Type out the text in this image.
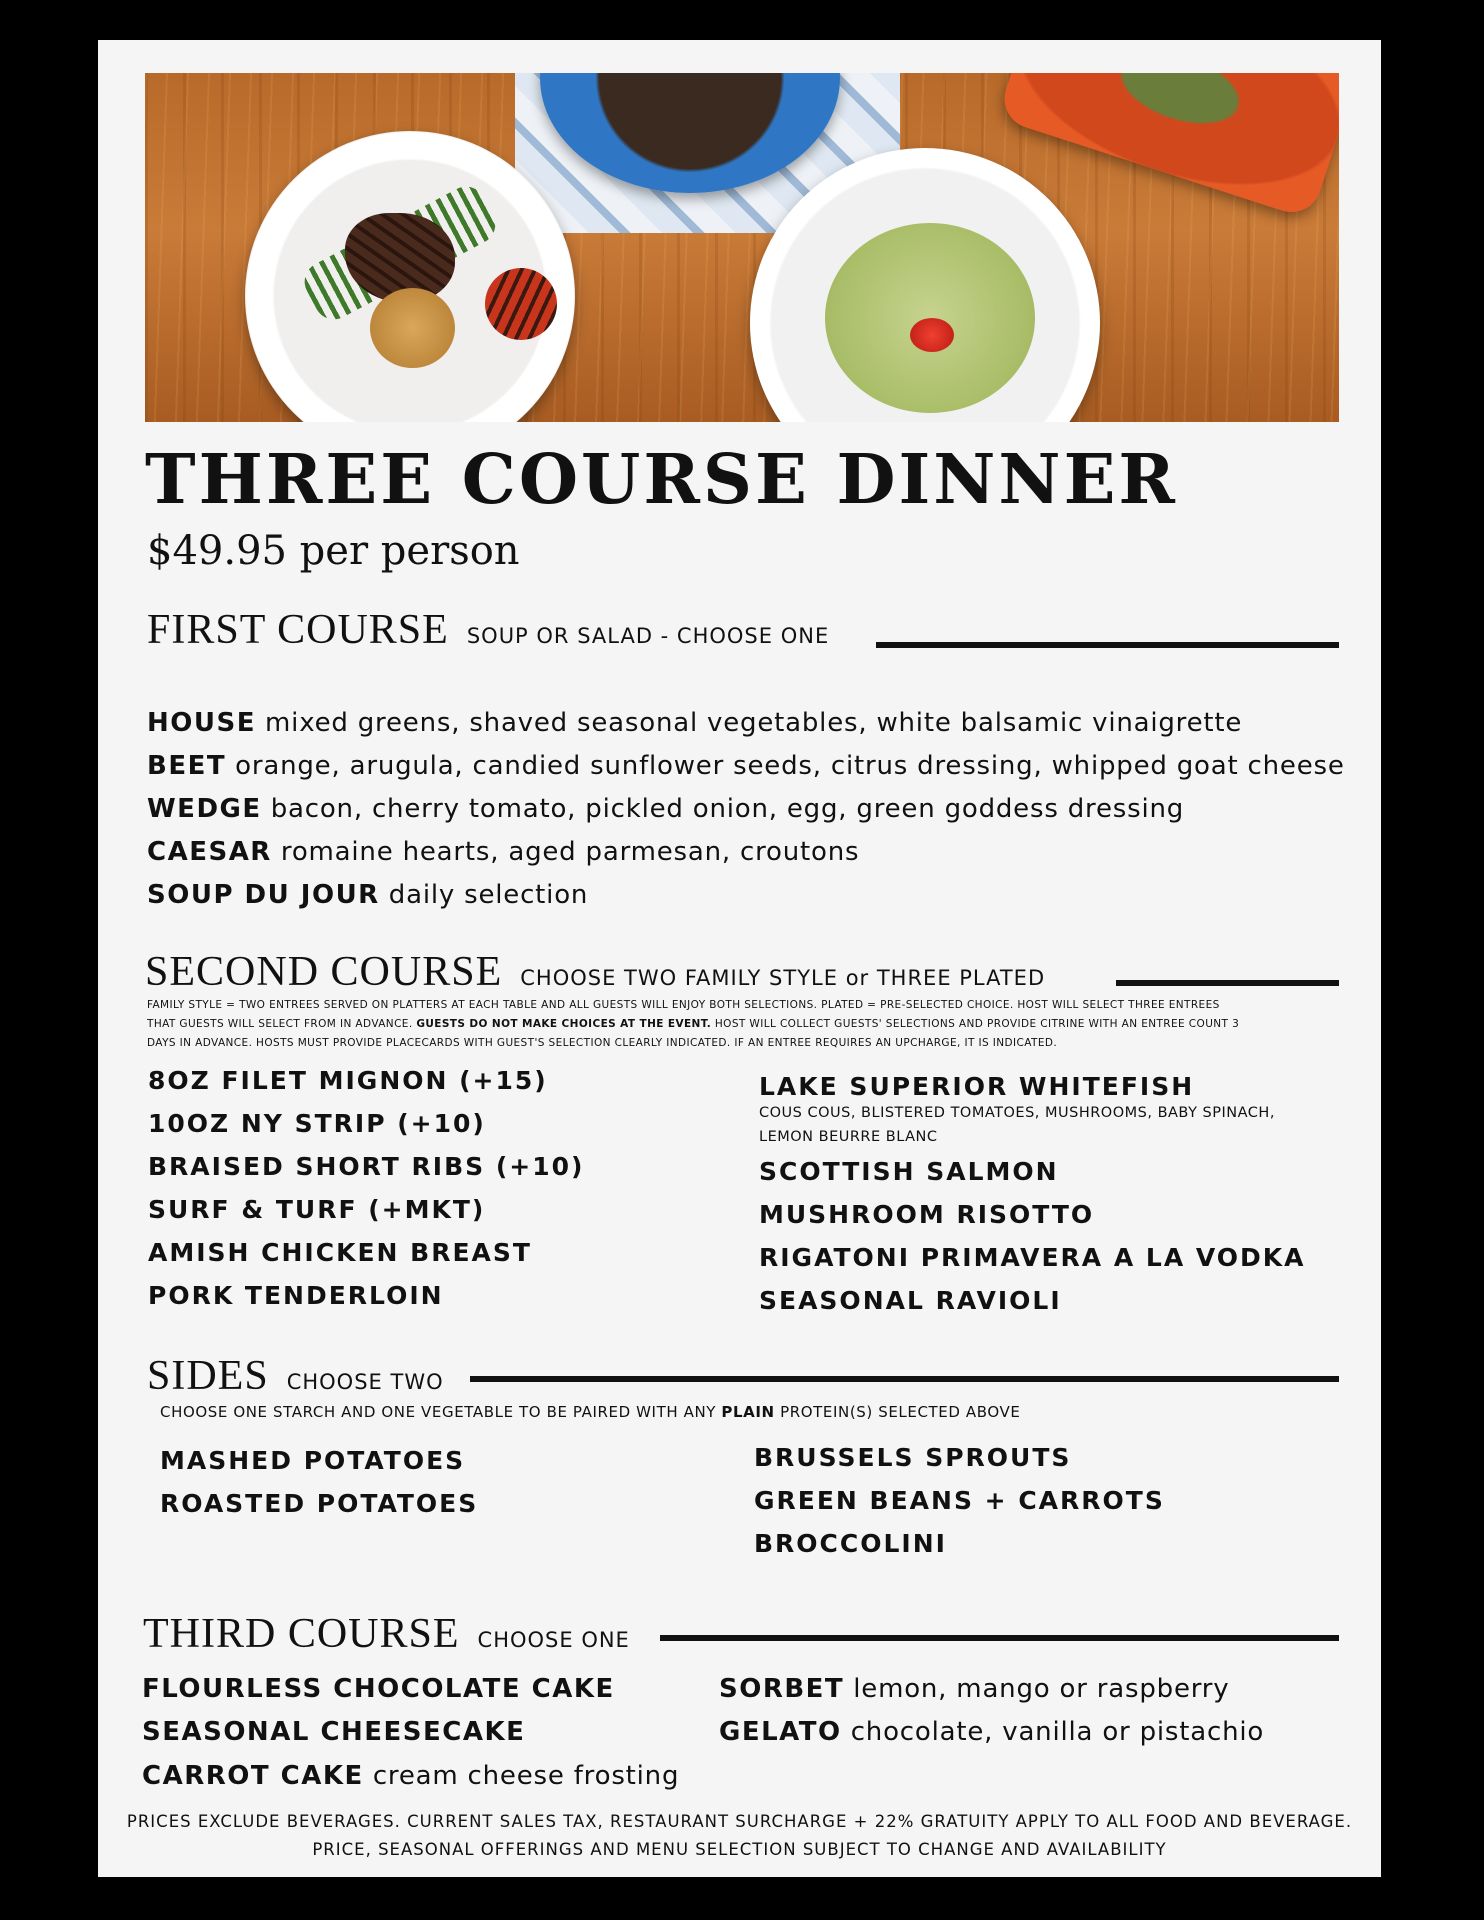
THREE COURSE DINNER
$49.95 per person
FIRST COURSE SOUP OR SALAD - CHOOSE ONE
HOUSE mixed greens, shaved seasonal vegetables, white balsamic vinaigrette
BEET orange, arugula, candied sunflower seeds, citrus dressing, whipped goat cheese
WEDGE bacon, cherry tomato, pickled onion, egg, green goddess dressing
CAESAR romaine hearts, aged parmesan, croutons
SOUP DU JOUR daily selection
SECOND COURSE CHOOSE TWO FAMILY STYLE or THREE PLATED
FAMILY STYLE = TWO ENTREES SERVED ON PLATTERS AT EACH TABLE AND ALL GUESTS WILL ENJOY BOTH SELECTIONS. PLATED = PRE-SELECTED CHOICE. HOST WILL SELECT THREE ENTREES
THAT GUESTS WILL SELECT FROM IN ADVANCE. GUESTS DO NOT MAKE CHOICES AT THE EVENT. HOST WILL COLLECT GUESTS' SELECTIONS AND PROVIDE CITRINE WITH AN ENTREE COUNT 3
DAYS IN ADVANCE. HOSTS MUST PROVIDE PLACECARDS WITH GUEST'S SELECTION CLEARLY INDICATED. IF AN ENTREE REQUIRES AN UPCHARGE, IT IS INDICATED.
8OZ FILET MIGNON (+15)
10OZ NY STRIP (+10)
BRAISED SHORT RIBS (+10)
SURF & TURF (+MKT)
AMISH CHICKEN BREAST
PORK TENDERLOIN
LAKE SUPERIOR WHITEFISH
COUS COUS, BLISTERED TOMATOES, MUSHROOMS, BABY SPINACH,
LEMON BEURRE BLANC
SCOTTISH SALMON
MUSHROOM RISOTTO
RIGATONI PRIMAVERA A LA VODKA
SEASONAL RAVIOLI
SIDES CHOOSE TWO
CHOOSE ONE STARCH AND ONE VEGETABLE TO BE PAIRED WITH ANY PLAIN PROTEIN(S) SELECTED ABOVE
MASHED POTATOES
ROASTED POTATOES
BRUSSELS SPROUTS
GREEN BEANS + CARROTS
BROCCOLINI
THIRD COURSE CHOOSE ONE
FLOURLESS CHOCOLATE CAKE
SEASONAL CHEESECAKE
CARROT CAKE cream cheese frosting
SORBET lemon, mango or raspberry
GELATO chocolate, vanilla or pistachio
PRICES EXCLUDE BEVERAGES. CURRENT SALES TAX, RESTAURANT SURCHARGE + 22% GRATUITY APPLY TO ALL FOOD AND BEVERAGE.
PRICE, SEASONAL OFFERINGS AND MENU SELECTION SUBJECT TO CHANGE AND AVAILABILITY
